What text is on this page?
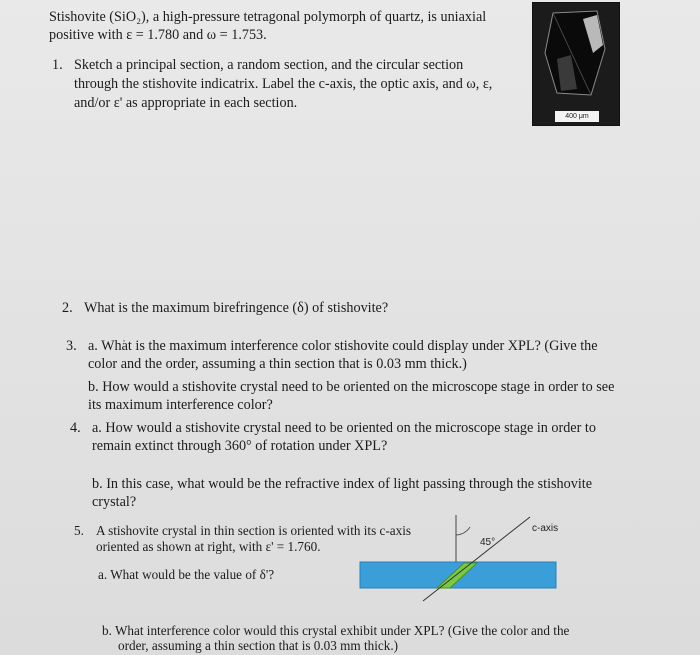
Stishovite (SiO₂), a high-pressure tetragonal polymorph of quartz, is uniaxial
positive with ε = 1.780 and ω = 1.753.
400 μm
1. Sketch a principal section, a random section, and the circular section
through the stishovite indicatrix. Label the c-axis, the optic axis, and ω, ε,
and/or ε' as appropriate in each section.
2. What is the maximum birefringence (δ) of stishovite?
3. a. Wh͘at is the maximum interference color stishovite could display under XPL? (Give the
color and the order, assuming a thin section that is 0.03 mm thick.)
b. How would a stishovite crystal need to be oriented on the microscope stage in order to see
its maximum interference color?
4. a. How would a stishovite crystal need to be oriented on the microscope stage in order to
remain extinct through 360° of rotation under XPL?
b. In this case, what would be the refractive index of light passing through the stishovite
crystal?
5. A stishovite crystal in thin section is oriented with its c-axis
oriented as shown at right, with ε' = 1.760.
a. What would be the value of δ'?
b. What interference color would this crystal exhibit under XPL? (Give the color and the
order, assuming a thin section that is 0.03 mm thick.)
45°
c-axis
